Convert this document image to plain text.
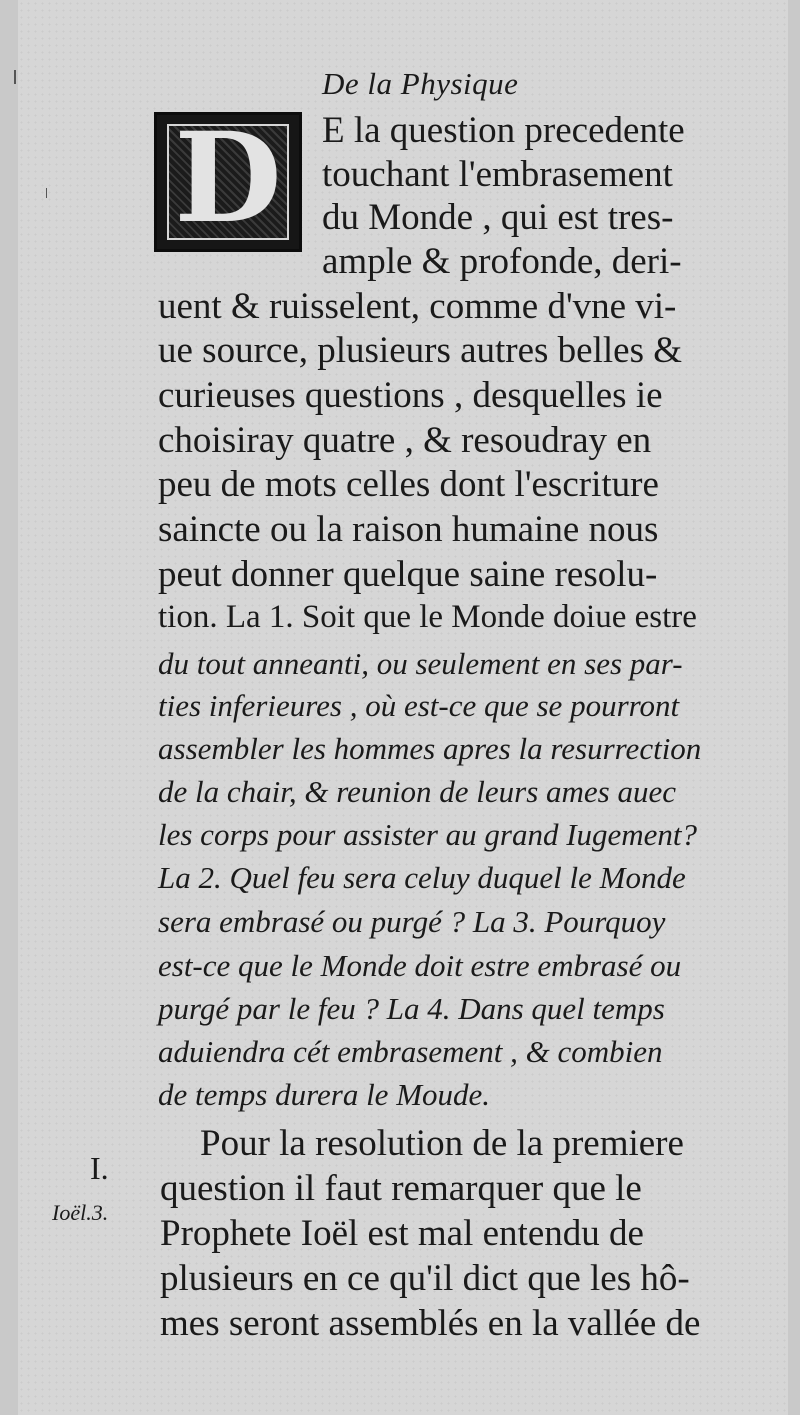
De la Physique
D E la question precedente
touchant l'embrasement
du Monde , qui est tres-
ample & profonde, deri-
uent & ruisselent, comme d'vne vi-
ue source, plusieurs autres belles &
curieuses questions , desquelles ie
choisiray quatre , & resoudray en
peu de mots celles dont l'escriture
saincte ou la raison humaine nous
peut donner quelque saine resolu-
tion. La 1. Soit que le Monde doiue estre
du tout anneanti, ou seulement en ses par-
ties inferieures , où est-ce que se pourront
assembler les hommes apres la resurrection
de la chair, & reunion de leurs ames auec
les corps pour assister au grand Iugement?
La 2. Quel feu sera celuy duquel le Monde
sera embrasé ou purgé ? La 3. Pourquoy
est-ce que le Monde doit estre embrasé ou
purgé par le feu ? La 4. Dans quel temps
aduiendra cét embrasement , & combien
de temps durera le Moude.
Pour la resolution de la premiere
question il faut remarquer que le
Prophete Ioël est mal entendu de
plusieurs en ce qu'il dict que les hô-
mes seront assemblés en la vallée de
I.
Ioël.3.
